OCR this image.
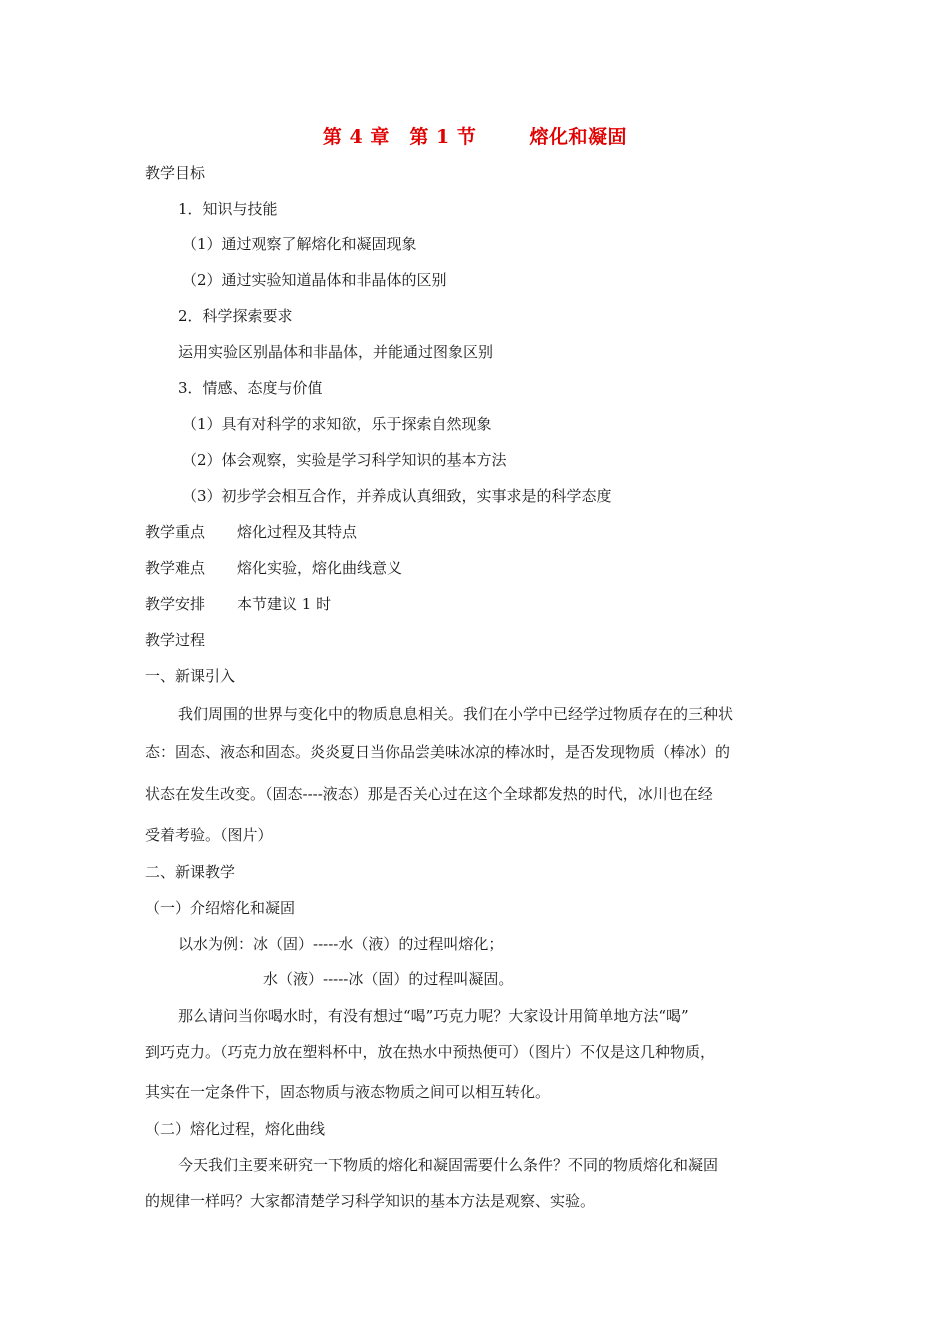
第 4 章　第 1 节　　  熔化和凝固
教学目标
1．知识与技能
（1）通过观察了解熔化和凝固现象
（2）通过实验知道晶体和非晶体的区别
2．科学探索要求
运用实验区别晶体和非晶体，并能通过图象区别
3．情感、态度与价值
（1）具有对科学的求知欲，乐于探索自然现象
（2）体会观察，实验是学习科学知识的基本方法
（3）初步学会相互合作，并养成认真细致，实事求是的科学态度
教学重点 熔化过程及其特点
教学难点 熔化实验，熔化曲线意义
教学安排 本节建议 1 时
教学过程
一、新课引入
我们周围的世界与变化中的物质息息相关。我们在小学中已经学过物质存在的三种状
态：固态、液态和固态。炎炎夏日当你品尝美味冰凉的棒冰时，是否发现物质（棒冰）的
状态在发生改变。（固态----液态）那是否关心过在这个全球都发热的时代，冰川也在经
受着考验。（图片）
二、新课教学
（一）介绍熔化和凝固
以水为例：冰（固）-----水（液）的过程叫熔化；
水（液）-----冰（固）的过程叫凝固。
那么请问当你喝水时，有没有想过“喝”巧克力呢？大家设计用简单地方法“喝”
到巧克力。（巧克力放在塑料杯中，放在热水中预热便可）（图片）不仅是这几种物质，
其实在一定条件下，固态物质与液态物质之间可以相互转化。
（二）熔化过程，熔化曲线
今天我们主要来研究一下物质的熔化和凝固需要什么条件？不同的物质熔化和凝固
的规律一样吗？大家都清楚学习科学知识的基本方法是观察、实验。
